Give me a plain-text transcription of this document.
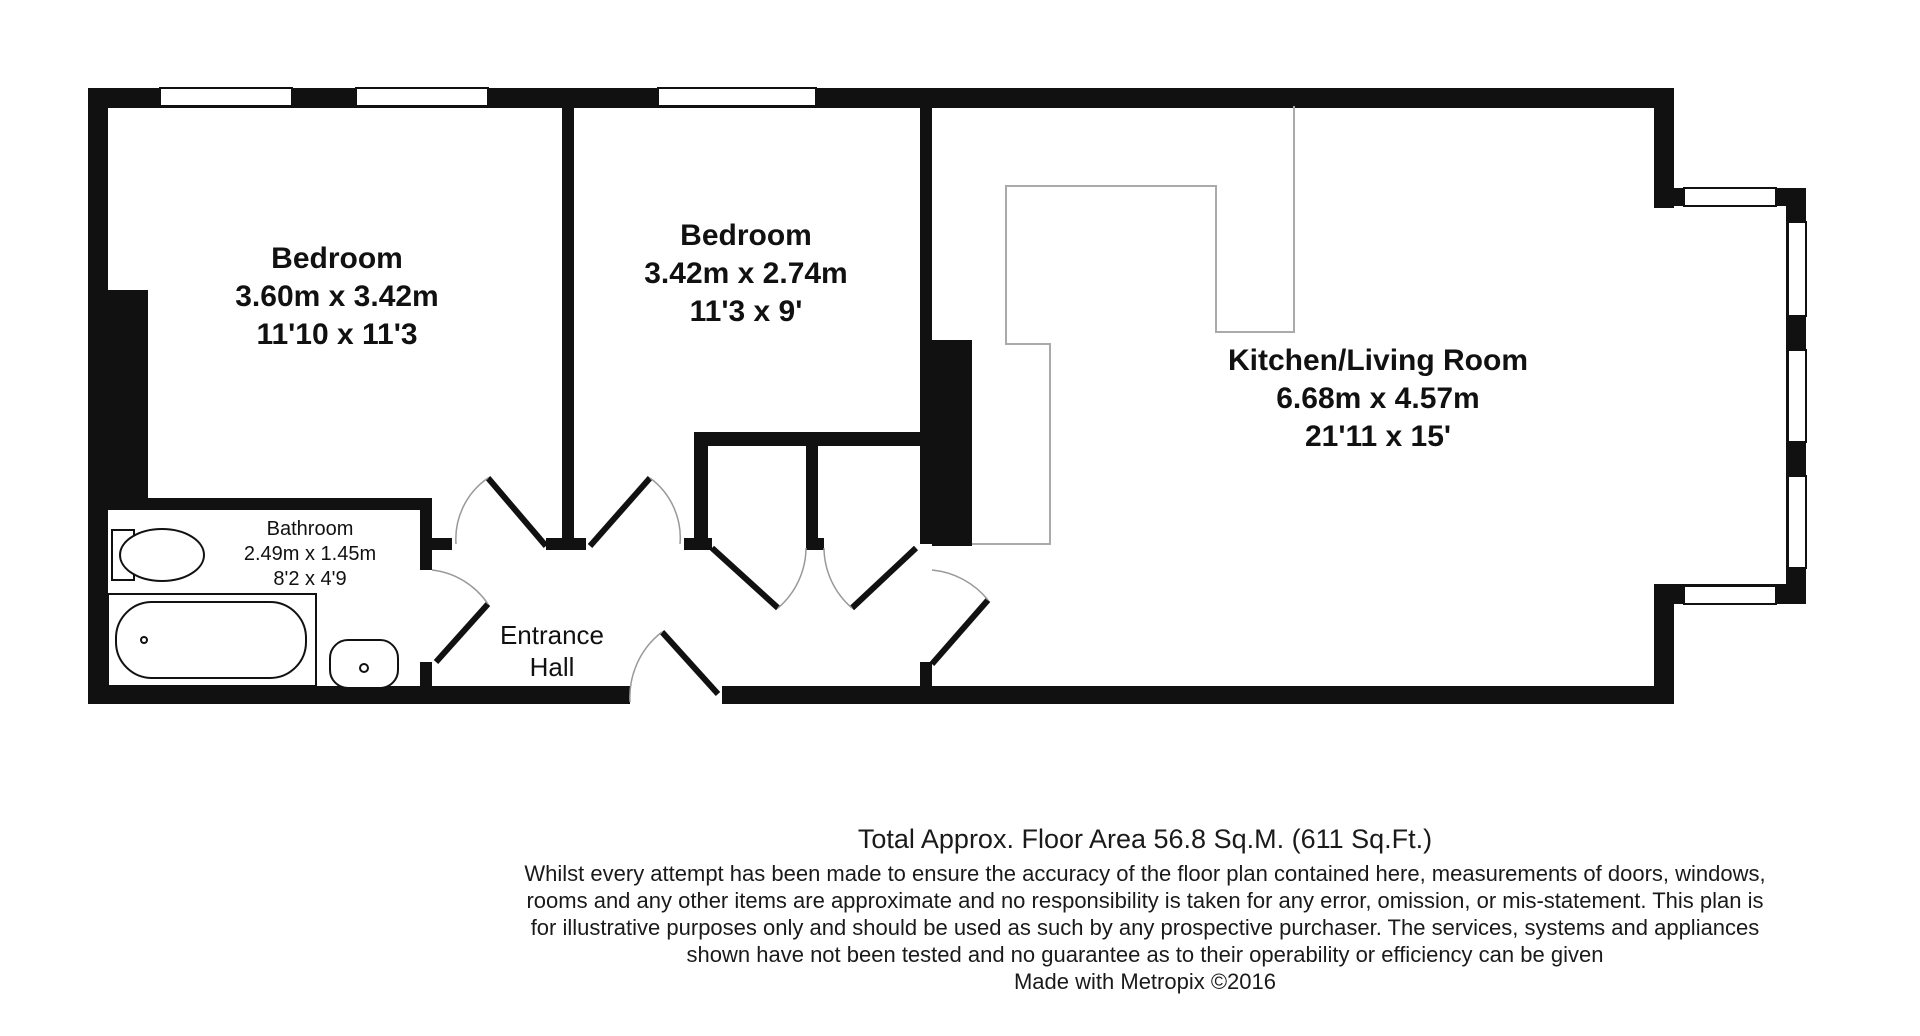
Bedroom
3.60m x 3.42m
11'10 x 11'3
Bedroom
3.42m x 2.74m
11'3 x 9'
Kitchen/Living Room
6.68m x 4.57m
21'11 x 15'
Bathroom
2.49m x 1.45m
8'2 x 4'9
Entrance
Hall
Total Approx. Floor Area 56.8 Sq.M. (611 Sq.Ft.)
Whilst every attempt has been made to ensure the accuracy of the floor plan contained here, measurements of doors, windows, rooms and any other items are approximate and no responsibility is taken for any error, omission, or mis-statement. This plan is for illustrative purposes only and should be used as such by any prospective purchaser. The services, systems and appliances shown have not been tested and no guarantee as to their operability or efficiency can be given
Made with Metropix ©2016
